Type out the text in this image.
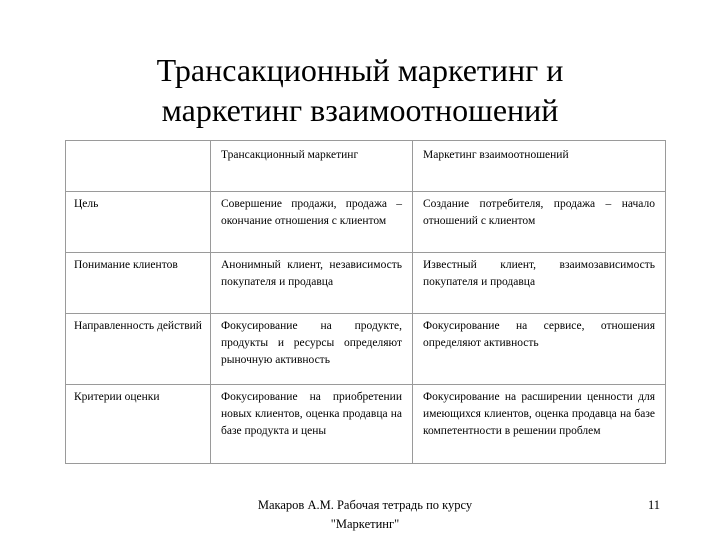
Трансакционный маркетинг и
маркетинг взаимоотношений
	Трансакционный маркетинг	Маркетинг взаимоотношений
Цель	Совершение продажи, продажа – окончание отношения с клиентом	Создание потребителя, продажа – начало отношений с клиентом
Понимание клиентов	Анонимный клиент, независимость покупателя и продавца	Известный клиент, взаимозависимость покупателя и продавца
Направленность действий	Фокусирование на продукте, продукты и ресурсы определяют рыночную активность	Фокусирование на сервисе, отношения определяют активность
Критерии оценки	Фокусирование на приобретении новых клиентов, оценка продавца на базе продукта и цены	Фокусирование на расширении ценности для имеющихся клиентов, оценка продавца на базе компетентности в решении проблем
Макаров А.М. Рабочая тетрадь по курсу "Маркетинг"
11
